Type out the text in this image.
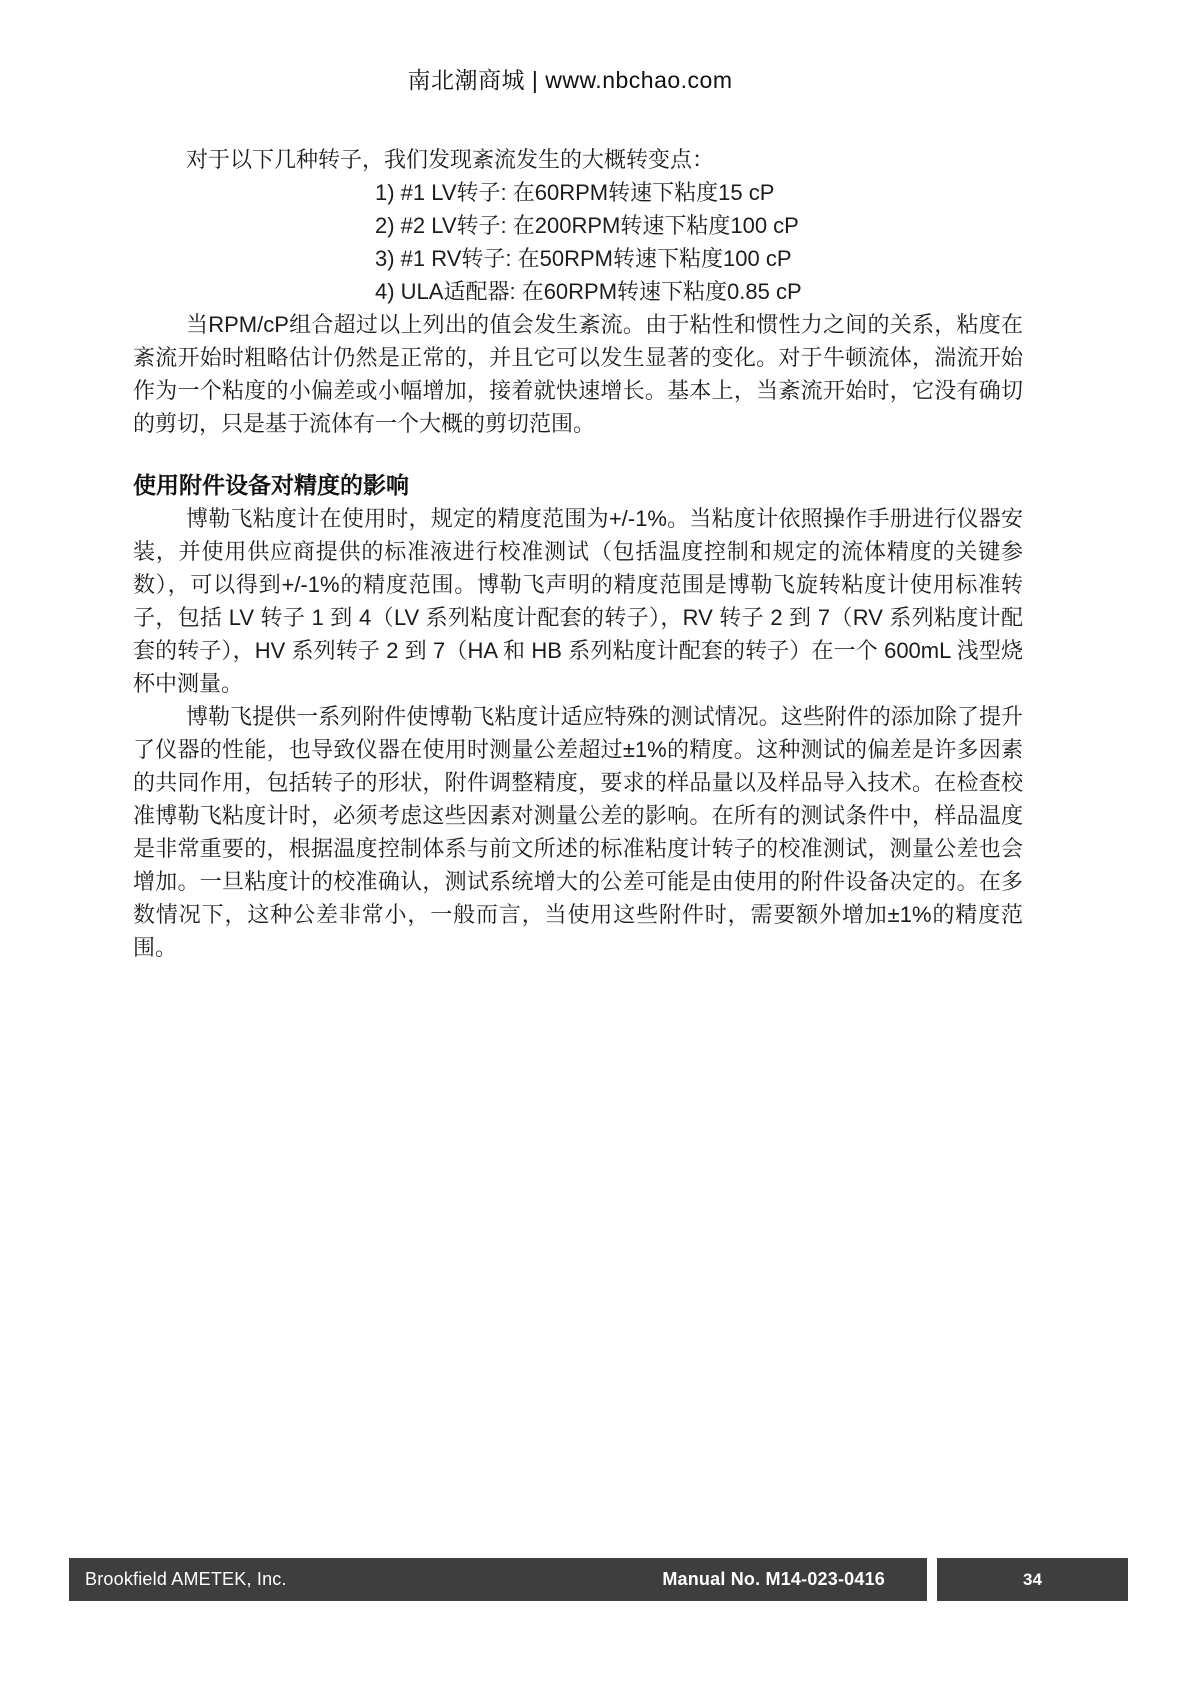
南北潮商城 | www.nbchao.com

对于以下几种转子，我们发现紊流发生的大概转变点：

1) #1 LV转子: 在60RPM转速下粘度15 cP
2) #2 LV转子: 在200RPM转速下粘度100 cP
3) #1 RV转子: 在50RPM转速下粘度100 cP
4) ULA适配器: 在60RPM转速下粘度0.85 cP

当RPM/cP组合超过以上列出的值会发生紊流。由于粘性和惯性力之间的关系，粘度在紊流开始时粗略估计仍然是正常的，并且它可以发生显著的变化。对于牛顿流体，湍流开始作为一个粘度的小偏差或小幅增加，接着就快速增长。基本上，当紊流开始时，它没有确切的剪切，只是基于流体有一个大概的剪切范围。

使用附件设备对精度的影响

博勒飞粘度计在使用时，规定的精度范围为+/-1%。当粘度计依照操作手册进行仪器安装，并使用供应商提供的标准液进行校准测试（包括温度控制和规定的流体精度的关键参数），可以得到+/-1%的精度范围。博勒飞声明的精度范围是博勒飞旋转粘度计使用标准转子，包括 LV 转子 1 到 4（LV 系列粘度计配套的转子），RV 转子 2 到 7（RV 系列粘度计配套的转子），HV 系列转子 2 到 7（HA 和 HB 系列粘度计配套的转子）在一个 600mL 浅型烧杯中测量。

博勒飞提供一系列附件使博勒飞粘度计适应特殊的测试情况。这些附件的添加除了提升了仪器的性能，也导致仪器在使用时测量公差超过±1%的精度。这种测试的偏差是许多因素的共同作用，包括转子的形状，附件调整精度，要求的样品量以及样品导入技术。在检查校准博勒飞粘度计时，必须考虑这些因素对测量公差的影响。在所有的测试条件中，样品温度是非常重要的，根据温度控制体系与前文所述的标准粘度计转子的校准测试，测量公差也会增加。一旦粘度计的校准确认，测试系统增大的公差可能是由使用的附件设备决定的。在多数情况下，这种公差非常小，一般而言，当使用这些附件时，需要额外增加±1%的精度范围。

Brookfield AMETEK, Inc.	Manual No. M14-023-0416	34
